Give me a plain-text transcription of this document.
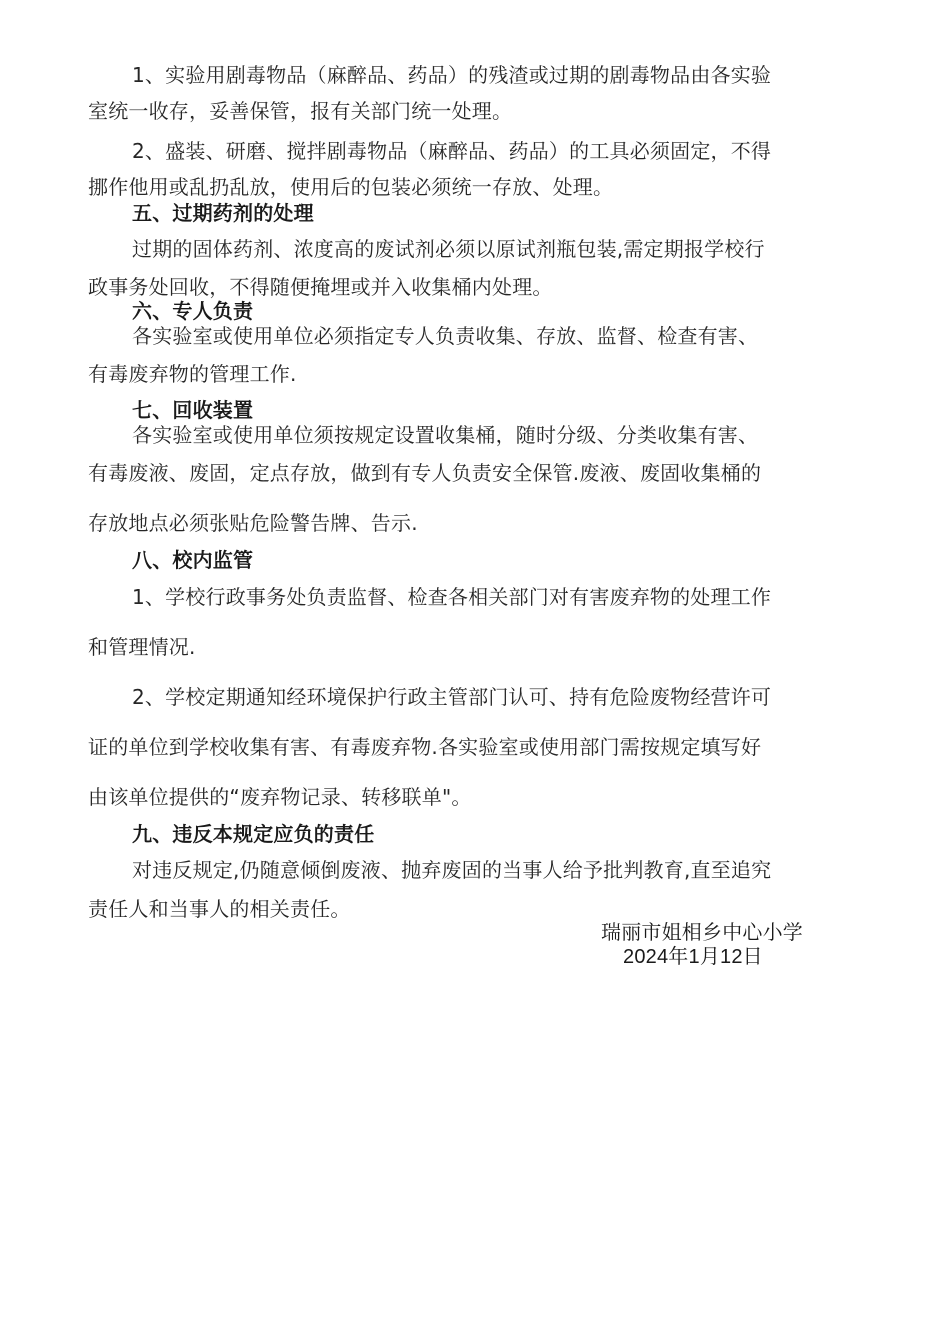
1、实验用剧毒物品（麻醉品、药品）的残渣或过期的剧毒物品由各实验

室统一收存，妥善保管，报有关部门统一处理。

2、盛装、研磨、搅拌剧毒物品（麻醉品、药品）的工具必须固定，不得

挪作他用或乱扔乱放，使用后的包装必须统一存放、处理。

五、过期药剂的处理

过期的固体药剂、浓度高的废试剂必须以原试剂瓶包装,需定期报学校行

政事务处回收，不得随便掩埋或并入收集桶内处理。

六、专人负责

各实验室或使用单位必须指定专人负责收集、存放、监督、检查有害、

有毒废弃物的管理工作.

七、回收装置

各实验室或使用单位须按规定设置收集桶，随时分级、分类收集有害、

有毒废液、废固，定点存放，做到有专人负责安全保管.废液、废固收集桶的

存放地点必须张贴危险警告牌、告示.

八、校内监管

1、学校行政事务处负责监督、检查各相关部门对有害废弃物的处理工作

和管理情况.

2、学校定期通知经环境保护行政主管部门认可、持有危险废物经营许可

证的单位到学校收集有害、有毒废弃物.各实验室或使用部门需按规定填写好

由该单位提供的“废弃物记录、转移联单"。

九、违反本规定应负的责任

对违反规定,仍随意倾倒废液、抛弃废固的当事人给予批判教育,直至追究

责任人和当事人的相关责任。

瑞丽市姐相乡中心小学

2024年1月12日
